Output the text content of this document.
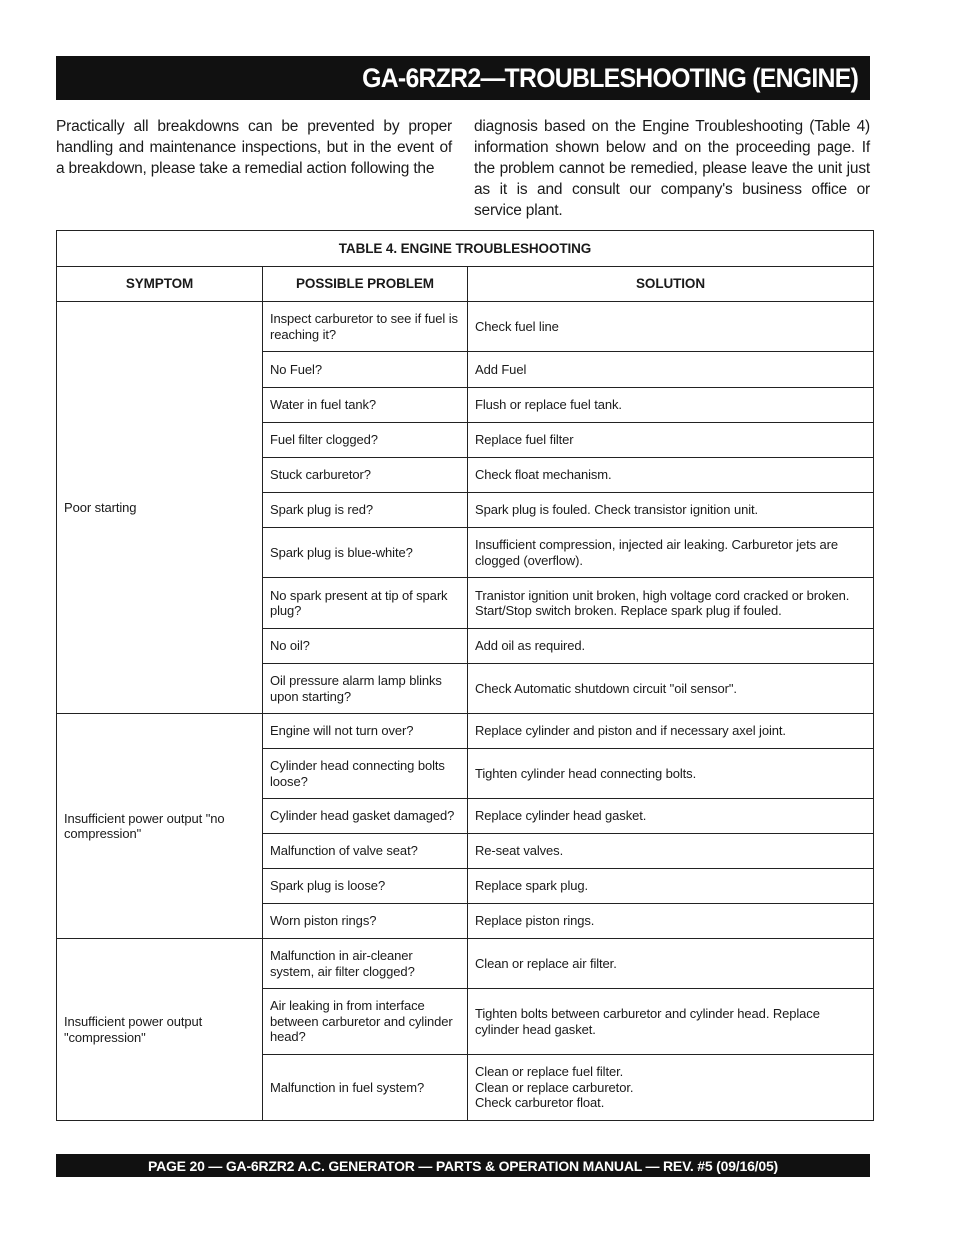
GA-6RZR2—TROUBLESHOOTING (ENGINE)

Practically all breakdowns can be prevented by proper handling and maintenance inspections, but in the event of a breakdown, please take a remedial action following the

diagnosis based on the Engine Troubleshooting (Table 4) information shown below and on the proceeding page. If the problem cannot be remedied, please leave the unit just as it is and consult our company's business office or service plant.

TABLE 4. ENGINE TROUBLESHOOTING		
SYMPTOM	POSSIBLE PROBLEM	SOLUTION
Poor starting	Inspect carburetor to see if fuel is reaching it?	Check fuel line
	No Fuel?	Add Fuel
	Water in fuel tank?	Flush or replace fuel tank.
	Fuel filter clogged?	Replace fuel filter
	Stuck carburetor?	Check float mechanism.
	Spark plug is red?	Spark plug is fouled. Check transistor ignition unit.
	Spark plug is blue-white?	Insufficient compression, injected air leaking. Carburetor jets are clogged (overflow).
	No spark present at tip of spark plug?	Tranistor ignition unit broken, high voltage cord cracked or broken. Start/Stop switch broken. Replace spark plug if fouled.
	No oil?	Add oil as required.
	Oil pressure alarm lamp blinks upon starting?	Check Automatic shutdown circuit "oil sensor".
Insufficient power output "no compression"	Engine will not turn over?	Replace cylinder and piston and if necessary axel joint.
	Cylinder head connecting bolts loose?	Tighten cylinder head connecting bolts.
	Cylinder head gasket damaged?	Replace cylinder head gasket.
	Malfunction of valve seat?	Re-seat valves.
	Spark plug is loose?	Replace spark plug.
	Worn piston rings?	Replace piston rings.
Insufficient power output "compression"	Malfunction in air-cleaner system, air filter clogged?	Clean or replace air filter.
	Air leaking in from interface between carburetor and cylinder head?	Tighten bolts between carburetor and cylinder head. Replace cylinder head gasket.
	Malfunction in fuel system?	Clean or replace fuel filter.
Clean or replace carburetor.
Check carburetor float.
PAGE 20 — GA-6RZR2 A.C. GENERATOR — PARTS & OPERATION MANUAL — REV. #5 (09/16/05)
